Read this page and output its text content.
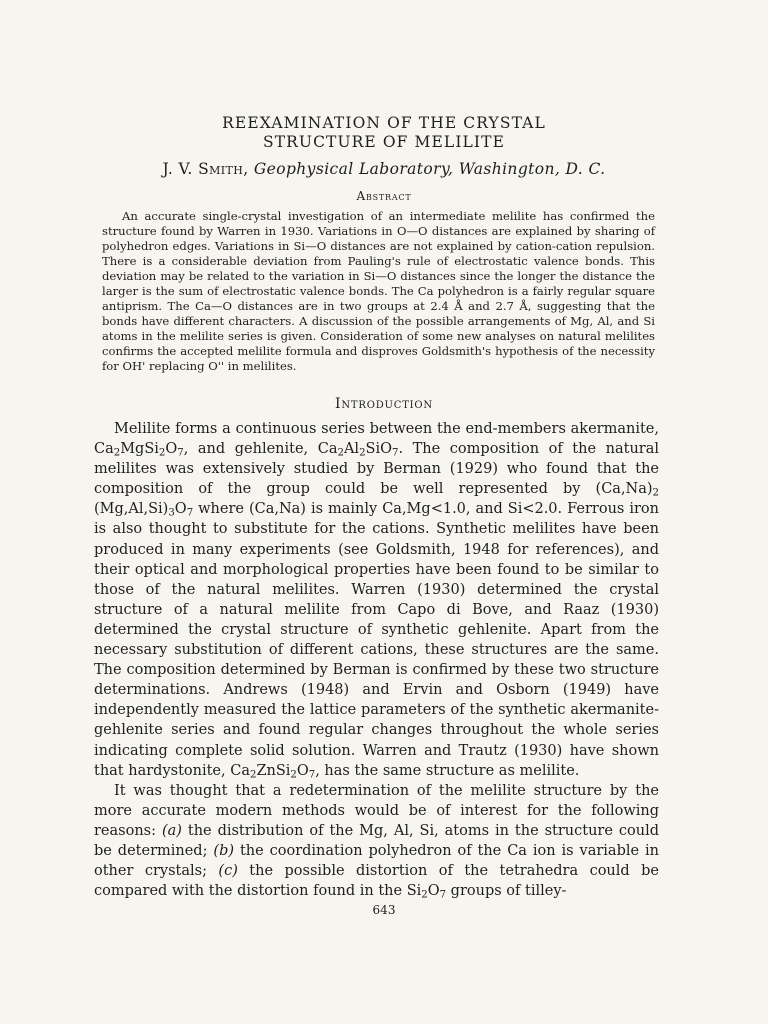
REEXAMINATION OF THE CRYSTAL
STRUCTURE OF MELILITE
J. V. Smith, Geophysical Laboratory, Washington, D. C.
Abstract

An accurate single-crystal investigation of an intermediate melilite has confirmed the structure found by Warren in 1930. Variations in O—O distances are explained by sharing of polyhedron edges. Variations in Si—O distances are not explained by cation-cation repulsion. There is a considerable deviation from Pauling's rule of electrostatic valence bonds. This deviation may be related to the variation in Si—O distances since the longer the distance the larger is the sum of electrostatic valence bonds. The Ca polyhedron is a fairly regular square antiprism. The Ca—O distances are in two groups at 2.4 Å and 2.7 Å, suggesting that the bonds have different characters. A discussion of the possible arrangements of Mg, Al, and Si atoms in the melilite series is given. Consideration of some new analyses on natural melilites confirms the accepted melilite formula and disproves Goldsmith's hypothesis of the necessity for OH' replacing O'' in melilites.

Introduction

Melilite forms a continuous series between the end-members akermanite, $Ca_2MgSi_2O_7$, and gehlenite, $Ca_2Al_2SiO_7$. The composition of the natural melilites was extensively studied by Berman (1929) who found that the composition of the group could be well represented by $(Ca,Na)_2$ $(Mg,Al,Si)_3O_7$ where (Ca,Na) is mainly Ca,Mg<1.0, and Si<2.0. Ferrous iron is also thought to substitute for the cations. Synthetic melilites have been produced in many experiments (see Goldsmith, 1948 for references), and their optical and morphological properties have been found to be similar to those of the natural melilites. Warren (1930) determined the crystal structure of a natural melilite from Capo di Bove, and Raaz (1930) determined the crystal structure of synthetic gehlenite. Apart from the necessary substitution of different cations, these structures are the same. The composition determined by Berman is confirmed by these two structure determinations. Andrews (1948) and Ervin and Osborn (1949) have independently measured the lattice parameters of the synthetic akermanite-gehlenite series and found regular changes throughout the whole series indicating complete solid solution. Warren and Trautz (1930) have shown that hardystonite, $Ca_2ZnSi_2O_7$, has the same structure as melilite.

It was thought that a redetermination of the melilite structure by the more accurate modern methods would be of interest for the following reasons: (a) the distribution of the Mg, Al, Si, atoms in the structure could be determined; (b) the coordination polyhedron of the Ca ion is variable in other crystals; (c) the possible distortion of the tetrahedra could be compared with the distortion found in the $Si_2O_7$ groups of tilley-

643
